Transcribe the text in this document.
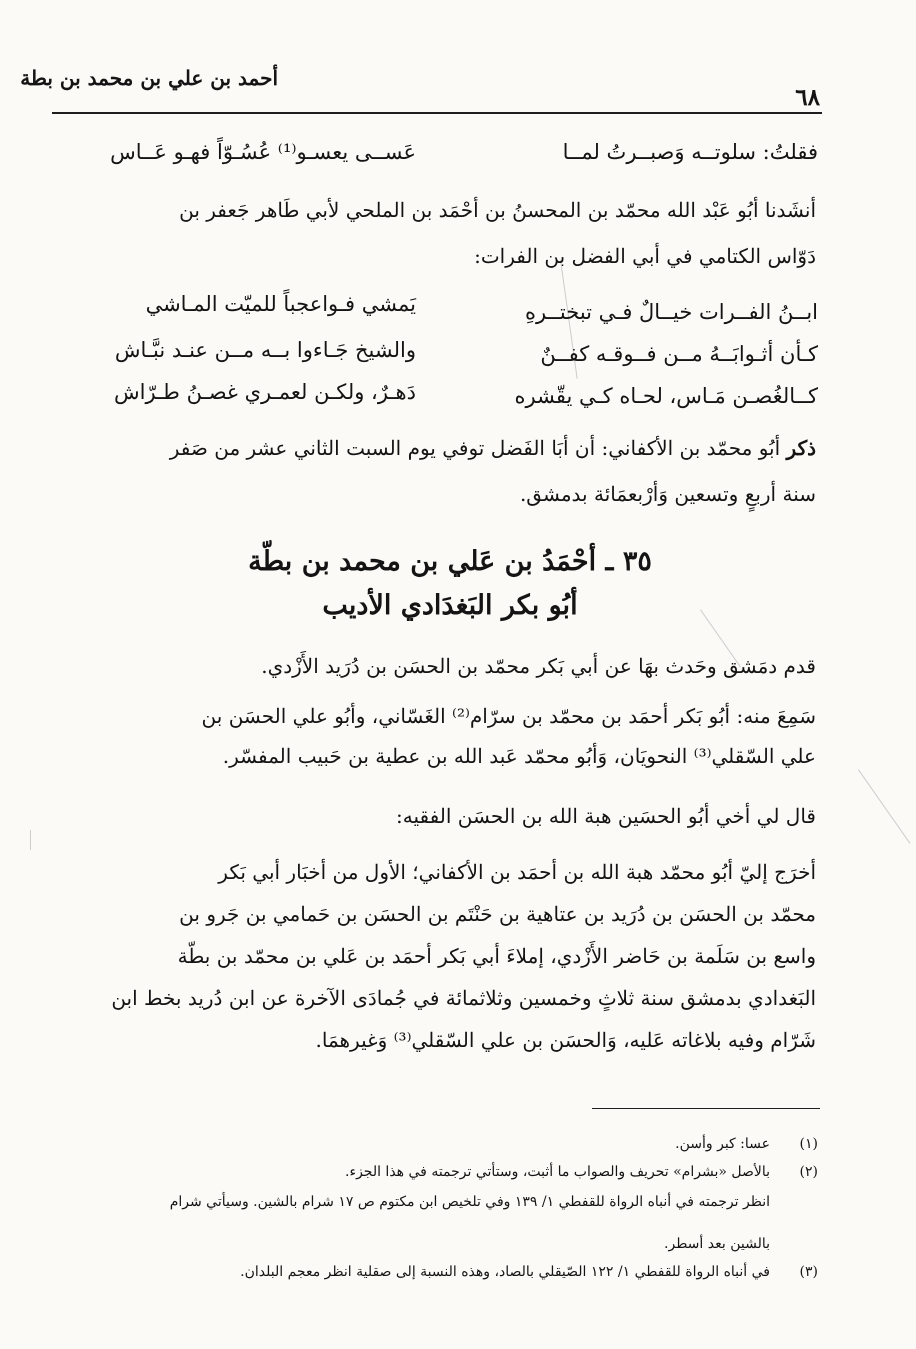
أحمد بن علي بن محمد بن بطة
٦٨
فقلتُ: سلوتــه وَصبــرتُ لمــا
عَســى يعسـو⁽¹⁾ عُسُـوّاً فهـو عَــاس
أنشَدنا أبُو عَبْد الله محمّد بن المحسنُ بن أحْمَد بن الملحي لأبي طَاهر جَعفر بن
دَوّاس الكتامي في أبي الفضل بن الفرات:
ابــنُ الفــرات خيــالٌ فـي تبختــرهِ
يَمشي فـواعجباً للميّت المـاشي
كـأن أثـوابَــهُ مــن فــوقـه كفــنٌ
والشيخ جَـاءوا بــه مــن عنـد نبَّـاش
كــالغُصـن مَـاس، لحـاه كـي يقّشره
دَهـرٌ، ولكـن لعمـري غصـنُ طـرّاش
ذكر أبُو محمّد بن الأكفاني: أن أبَا الفَضل توفي يوم السبت الثاني عشر من صَفر
سنة أربعٍ وتسعين وَأرْبعمَائة بدمشق.
٣٥ ـ أحْمَدُ بن عَلي بن محمد بن بطّة
أبُو بكر البَغدَادي الأديب
قدم دمَشق وحَدث بهَا عن أبي بَكر محمّد بن الحسَن بن دُرَيد الأَزْدي.
سَمِعَ منه: أبُو بَكر أحمَد بن محمّد بن سرّام⁽²⁾ الغَسّاني، وأبُو علي الحسَن بن
علي السّقلي⁽³⁾ النحويَان، وَأبُو محمّد عَبد الله بن عطية بن حَبيب المفسّر.
قال لي أخي أبُو الحسَين هبة الله بن الحسَن الفقيه:
أخرَج إليّ أبُو محمّد هبة الله بن أحمَد بن الأكفاني؛ الأول من أخبَار أبي بَكر
محمّد بن الحسَن بن دُرَيد بن عتاهية بن حَنْتَم بن الحسَن بن حَمامي بن جَرو بن
واسع بن سَلَمة بن حَاضر الأَزْدي، إملاءَ أبي بَكر أحمَد بن عَلي بن محمّد بن بطّة
البَغدادي بدمشق سنة ثلاثٍ وخمسين وثلاثمائة في جُمادَى الآخرة عن ابن دُريد بخط ابن
شَرّام وفيه بلاغاته عَليه، وَالحسَن بن علي السّقلي⁽³⁾ وَغيرهمَا.
(١)
عسا: كبر وأسن.
(٢)
بالأصل «بشرام» تحريف والصواب ما أثبت، وستأتي ترجمته في هذا الجزء.
انظر ترجمته في أنباه الرواة للقفطي ١/ ١٣٩ وفي تلخيص ابن مكتوم ص ١٧ شرام بالشين. وسيأتي شرام
بالشين بعد أسطر.
(٣)
في أنباه الرواة للقفطي ١/ ١٢٢ الصّيقلي بالصاد، وهذه النسبة إلى صقلية انظر معجم البلدان.
